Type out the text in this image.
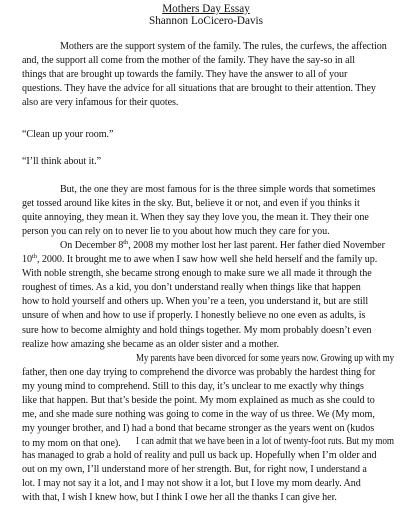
Mothers Day Essay
Shannon LoCicero-Davis
Mothers are the support system of the family. The rules, the curfews, the affection
and, the support all come from the mother of the family. They have the say-so in all
things that are brought up towards the family. They have the answer to all of your
questions. They have the advice for all situations that are brought to their attention. They
also are very infamous for their quotes.
“Clean up your room.”
“I’ll think about it.”
But, the one they are most famous for is the three simple words that sometimes
get tossed around like kites in the sky. But, believe it or not, and even if you thinks it
quite annoying, they mean it. When they say they love you, the mean it. They their one
person you can rely on to never lie to you about how much they care for you.
On December 8th, 2008 my mother lost her last parent. Her father died November
10th, 2000. It brought me to awe when I saw how well she held herself and the family up.
With noble strength, she became strong enough to make sure we all made it through the
roughest of times. As a kid, you don’t understand really when things like that happen
how to hold yourself and others up. When you’re a teen, you understand it, but are still
unsure of when and how to use if properly. I honestly believe no one even as adults, is
sure how to become almighty and hold things together. My mom probably doesn’t even
realize how amazing she became as an older sister and a mother.
My parents have been divorced for some years now. Growing up with my
father, then one day trying to comprehend the divorce was probably the hardest thing for
my young mind to comprehend. Still to this day, it’s unclear to me exactly why things
like that happen. But that’s beside the point. My mom explained as much as she could to
me, and she made sure nothing was going to come in the way of us three. We (My mom,
my younger brother, and I) had a bond that became stronger as the years went on (kudos
to my mom on that one).	I can admit that we have been in a lot of twenty-foot ruts. But my mom
has managed to grab a hold of reality and pull us back up. Hopefully when I’m older and
out on my own, I’ll understand more of her strength. But, for right now, I understand a
lot. I may not say it a lot, and I may not show it a lot, but I love my mom dearly. And
with that, I wish I knew how, but I think I owe her all the thanks I can give her.
